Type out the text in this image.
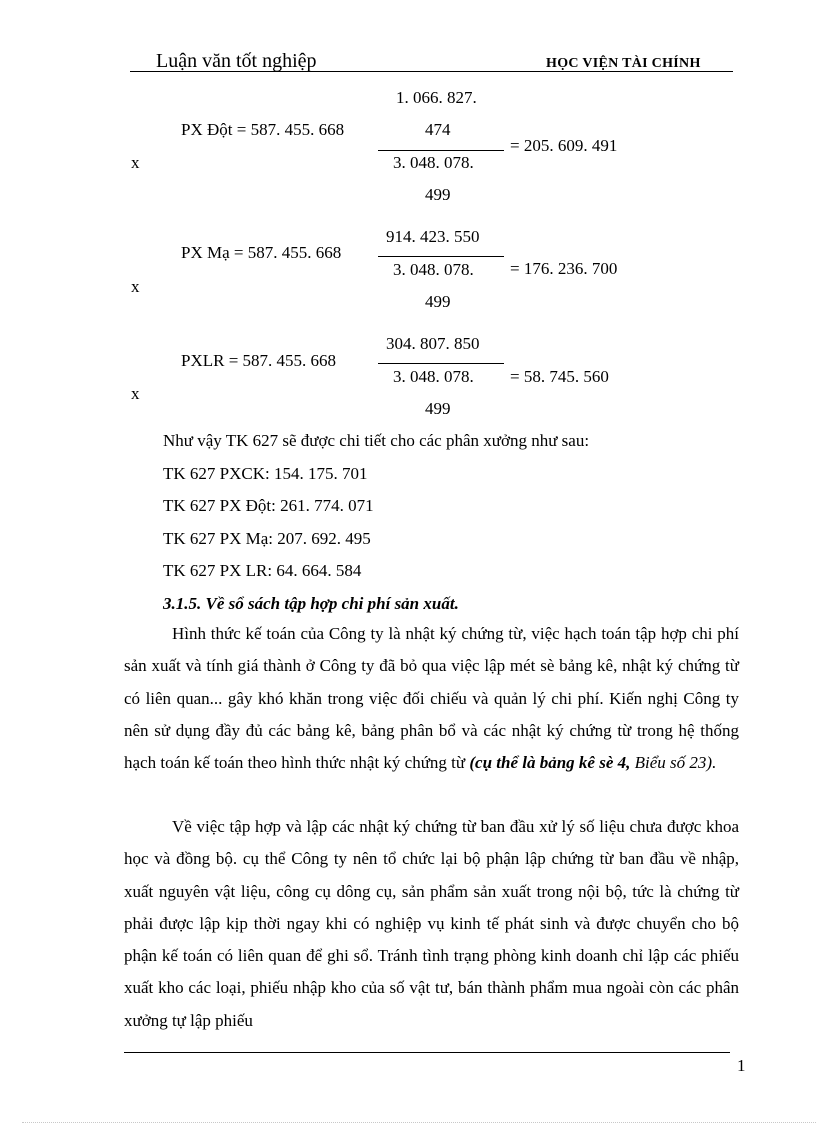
Luận văn tốt nghiệp	HỌC VIỆN TÀI CHÍNH
1. 066. 827.
PX Đột = 587. 455. 668	474
= 205. 609. 491
3. 048. 078.
x
499
914. 423. 550
PX Mạ = 587. 455. 668
3. 048. 078. = 176. 236. 700
x
499
304. 807. 850
PXLR = 587. 455. 668
3. 048. 078. = 58. 745. 560
x
499
Như vậy TK 627 sẽ được chi tiết cho các phân xưởng như sau:
TK 627 PXCK: 154. 175. 701
TK 627 PX Đột: 261. 774. 071
TK 627 PX Mạ: 207. 692. 495
TK 627 PX LR: 64. 664. 584
3.1.5. Về sổ sách tập hợp chi phí sản xuất.
Hình thức kế toán của Công ty là nhật ký chứng từ, việc hạch toán tập hợp chi phí sản xuất và tính giá thành ở Công ty đã bỏ qua việc lập mét sè bảng kê, nhật ký chứng từ có liên quan... gây khó khăn trong việc đối chiếu và quản lý chi phí. Kiến nghị Công ty nên sử dụng đầy đủ các bảng kê, bảng phân bổ và các nhật ký chứng từ trong hệ thống hạch toán kế toán theo hình thức nhật ký chứng từ (cụ thể là bảng kê sè 4, Biểu số 23).
Về việc tập hợp và lập các nhật ký chứng từ ban đầu xử lý số liệu chưa được khoa học và đồng bộ. cụ thể Công ty nên tổ chức lại bộ phận lập chứng từ ban đầu về nhập, xuất nguyên vật liệu, công cụ dông cụ, sản phẩm sản xuất trong nội bộ, tức là chứng từ phải được lập kịp thời ngay khi có nghiệp vụ kinh tế phát sinh và được chuyển cho bộ phận kế toán có liên quan để ghi sổ. Tránh tình trạng phòng kinh doanh chỉ lập các phiếu xuất kho các loại, phiếu nhập kho của số vật tư, bán thành phẩm mua ngoài còn các phân xưởng tự lập phiếu
1
